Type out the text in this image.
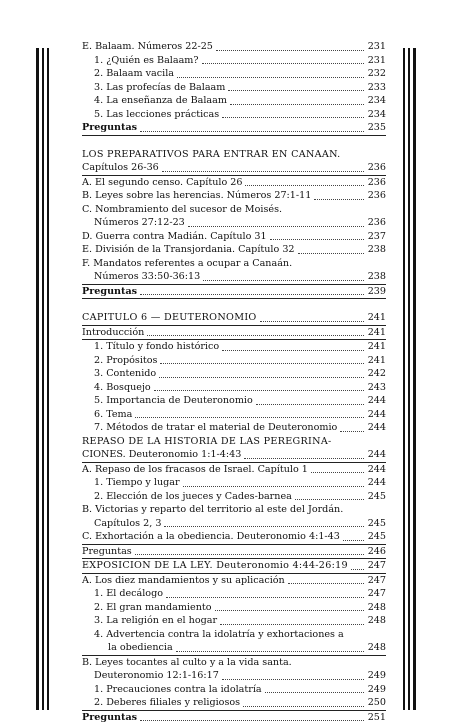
E. Balaam. Números 22-25	231
1. ¿Quién es Balaam?	231
2. Balaam vacila	232
3. Las profecías de Balaam	233
4. La enseñanza de Balaam	234
5. Las lecciones prácticas	234
Preguntas	235
LOS PREPARATIVOS PARA ENTRAR EN CANAAN.
Capítulos 26-36	236
A. El segundo censo. Capítulo 26	236
B. Leyes sobre las herencias. Números 27:1-11	236
C. Nombramiento del sucesor de Moisés.
Números 27:12-23	236
D. Guerra contra Madián. Capítulo 31	237
E. División de la Transjordania. Capítulo 32	238
F. Mandatos referentes a ocupar a Canaán.
Números 33:50-36:13	238
Preguntas	239
CAPITULO 6 — DEUTERONOMIO	241
Introducción	241
1. Título y fondo histórico	241
2. Propósitos	241
3. Contenido	242
4. Bosquejo	243
5. Importancia de Deuteronomio	244
6. Tema	244
7. Métodos de tratar el material de Deuteronomio	244
REPASO DE LA HISTORIA DE LAS PEREGRINA-
CIONES. Deuteronomio 1:1-4:43	244
A. Repaso de los fracasos de Israel. Capítulo 1	244
1. Tiempo y lugar	244
2. Elección de los jueces y Cades-barnea	245
B. Victorias y reparto del territorio al este del Jordán.
Capítulos 2, 3	245
C. Exhortación a la obediencia. Deuteronomio 4:1-43	245
Preguntas	246
EXPOSICION DE LA LEY. Deuteronomio 4:44-26:19 247
A. Los diez mandamientos y su aplicación	247
1. El decálogo	247
2. El gran mandamiento	248
3. La religión en el hogar	248
4. Advertencia contra la idolatría y exhortaciones a
la obediencia	248
B. Leyes tocantes al culto y a la vida santa.
Deuteronomio 12:1-16:17	249
1. Precauciones contra la idolatría	249
2. Deberes filiales y religiosos	250
Preguntas	251
